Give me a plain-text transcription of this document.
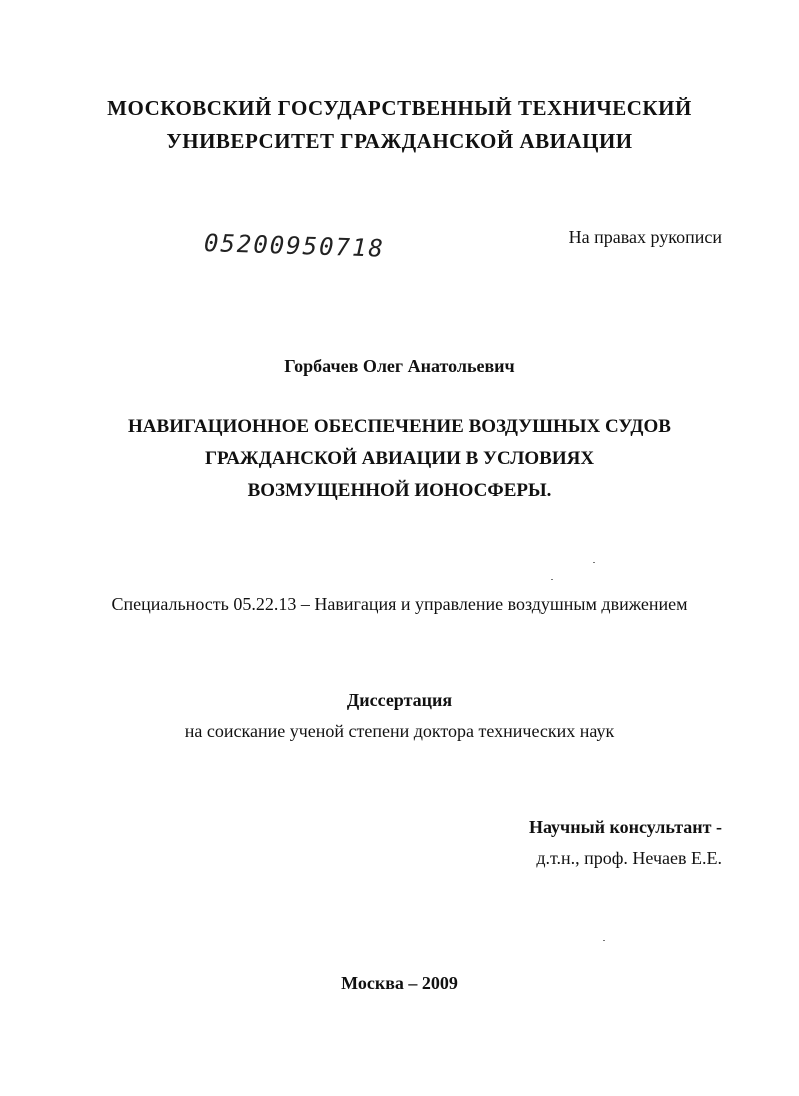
МОСКОВСКИЙ ГОСУДАРСТВЕННЫЙ ТЕХНИЧЕСКИЙ
УНИВЕРСИТЕТ ГРАЖДАНСКОЙ АВИАЦИИ
05200950718	На правах рукописи
Горбачев Олег Анатольевич
НАВИГАЦИОННОЕ ОБЕСПЕЧЕНИЕ ВОЗДУШНЫХ СУДОВ
ГРАЖДАНСКОЙ АВИАЦИИ В УСЛОВИЯХ
ВОЗМУЩЕННОЙ ИОНОСФЕРЫ.
Специальность 05.22.13 – Навигация и управление воздушным движением
Диссертация
на соискание ученой степени доктора технических наук
Научный консультант -
д.т.н., проф. Нечаев Е.Е.
Москва – 2009
